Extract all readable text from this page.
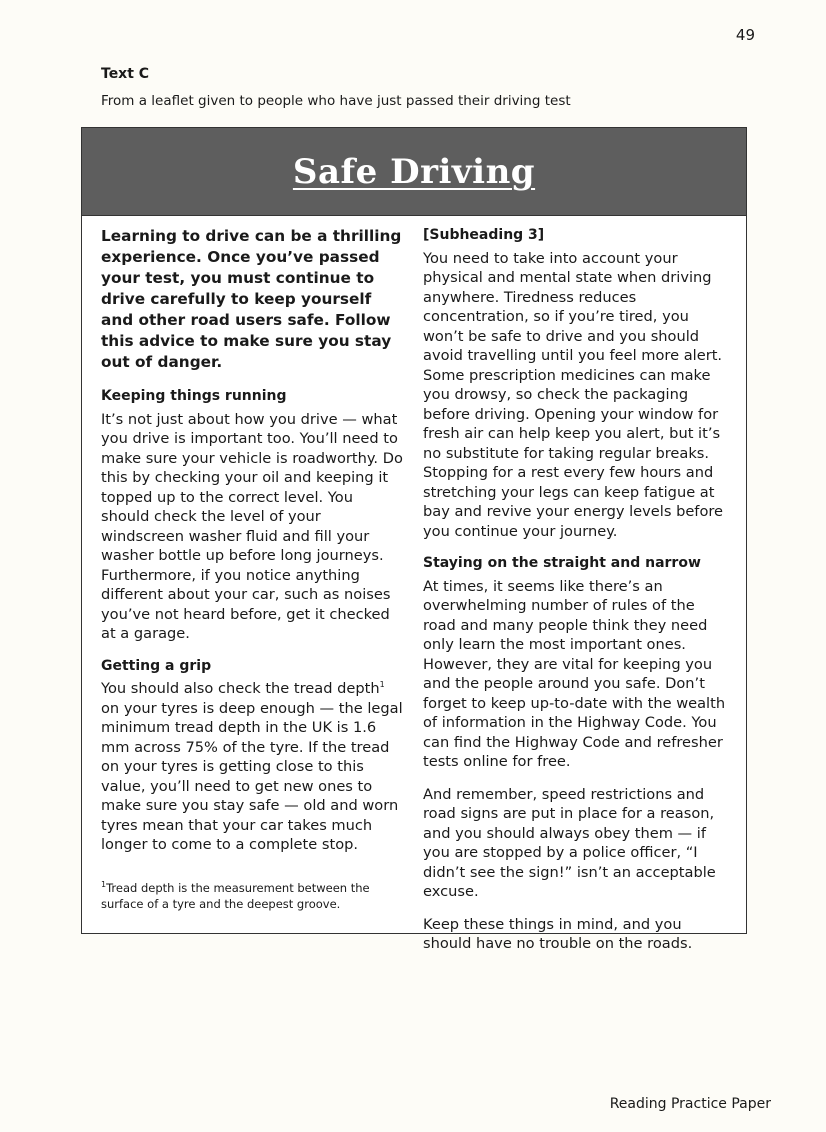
49
Text C
From a leaflet given to people who have just passed their driving test
Safe Driving

Learning to drive can be a thrilling experience. Once you’ve passed your test, you must continue to drive carefully to keep yourself and other road users safe. Follow this advice to make sure you stay out of danger.

Keeping things running

It’s not just about how you drive — what you drive is important too. You’ll need to make sure your vehicle is roadworthy. Do this by checking your oil and keeping it topped up to the correct level. You should check the level of your windscreen washer fluid and fill your washer bottle up before long journeys. Furthermore, if you notice anything different about your car, such as noises you’ve not heard before, get it checked at a garage.

Getting a grip

You should also check the tread depth$^1$ on your tyres is deep enough — the legal minimum tread depth in the UK is 1.6 mm across 75% of the tyre. If the tread on your tyres is getting close to this value, you’ll need to get new ones to make sure you stay safe — old and worn tyres mean that your car takes much longer to come to a complete stop.

$^1$Tread depth is the measurement between the surface of a tyre and the deepest groove.

[Subheading 3]

You need to take into account your physical and mental state when driving anywhere. Tiredness reduces concentration, so if you’re tired, you won’t be safe to drive and you should avoid travelling until you feel more alert. Some prescription medicines can make you drowsy, so check the packaging before driving. Opening your window for fresh air can help keep you alert, but it’s no substitute for taking regular breaks. Stopping for a rest every few hours and stretching your legs can keep fatigue at bay and revive your energy levels before you continue your journey.

Staying on the straight and narrow

At times, it seems like there’s an overwhelming number of rules of the road and many people think they need only learn the most important ones. However, they are vital for keeping you and the people around you safe. Don’t forget to keep up-to-date with the wealth of information in the Highway Code. You can find the Highway Code and refresher tests online for free.

And remember, speed restrictions and road signs are put in place for a reason, and you should always obey them — if you are stopped by a police officer, “I didn’t see the sign!” isn’t an acceptable excuse.

Keep these things in mind, and you should have no trouble on the roads.

Reading Practice Paper
